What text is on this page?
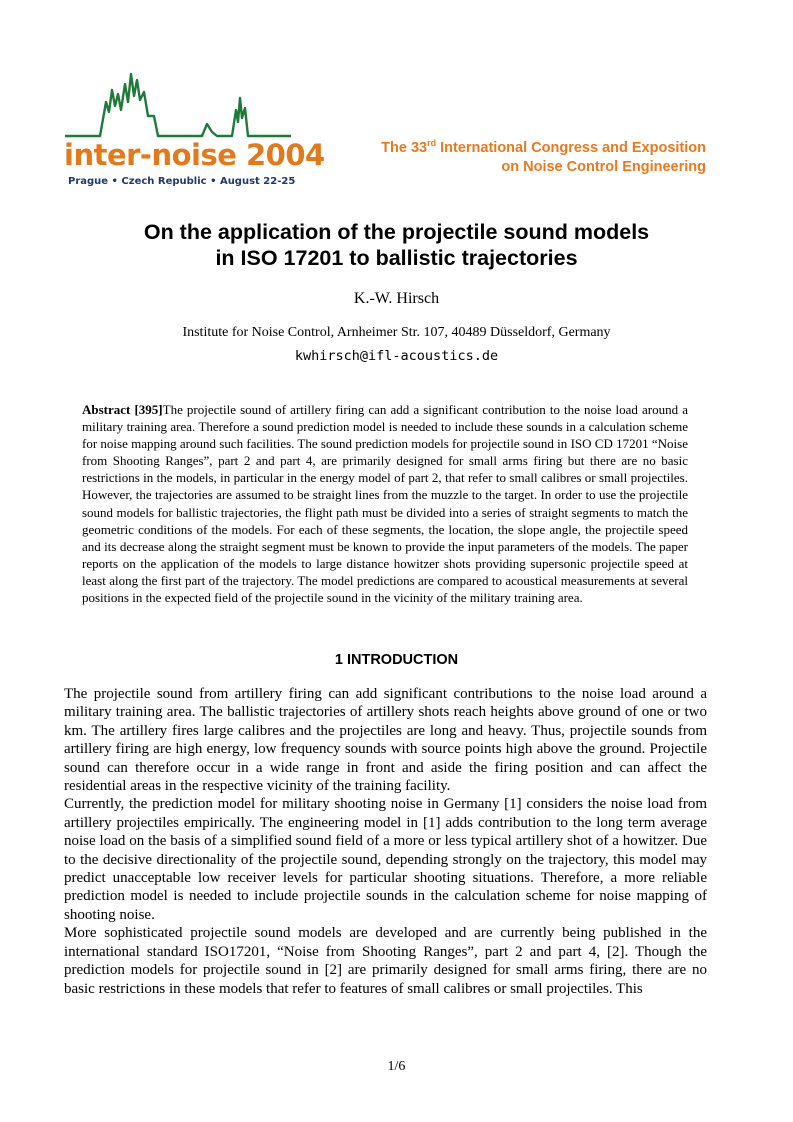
inter-noise 2004
Prague • Czech Republic • August 22-25
The 33rd International Congress and Exposition
on Noise Control Engineering
On the application of the projectile sound models
in ISO 17201 to ballistic trajectories
K.-W. Hirsch
Institute for Noise Control, Arnheimer Str. 107, 40489 Düsseldorf, Germany
kwhirsch@ifl-acoustics.de

Abstract [395]The projectile sound of artillery firing can add a significant contribution to the noise load around a military training area. Therefore a sound prediction model is needed to include these sounds in a calculation scheme for noise mapping around such facilities. The sound prediction models for projectile sound in ISO CD 17201 “Noise from Shooting Ranges”, part 2 and part 4, are primarily designed for small arms firing but there are no basic restrictions in the models, in particular in the energy model of part 2, that refer to small calibres or small projectiles. However, the trajectories are assumed to be straight lines from the muzzle to the target. In order to use the projectile sound models for ballistic trajectories, the flight path must be divided into a series of straight segments to match the geometric conditions of the models. For each of these segments, the location, the slope angle, the projectile speed and its decrease along the straight segment must be known to provide the input parameters of the models. The paper reports on the application of the models to large distance howitzer shots providing supersonic projectile speed at least along the first part of the trajectory. The model predictions are compared to acoustical measurements at several positions in the expected field of the projectile sound in the vicinity of the military training area.

1 INTRODUCTION

The projectile sound from artillery firing can add significant contributions to the noise load around a military training area. The ballistic trajectories of artillery shots reach heights above ground of one or two km. The artillery fires large calibres and the projectiles are long and heavy. Thus, projectile sounds from artillery firing are high energy, low frequency sounds with source points high above the ground. Projectile sound can therefore occur in a wide range in front and aside the firing position and can affect the residential areas in the respective vicinity of the training facility.

Currently, the prediction model for military shooting noise in Germany [1] considers the noise load from artillery projectiles empirically. The engineering model in [1] adds contribution to the long term average noise load on the basis of a simplified sound field of a more or less typical artillery shot of a howitzer. Due to the decisive directionality of the projectile sound, depending strongly on the trajectory, this model may predict unacceptable low receiver levels for particular shooting situations. Therefore, a more reliable prediction model is needed to include projectile sounds in the calculation scheme for noise mapping of shooting noise.

More sophisticated projectile sound models are developed and are currently being published in the international standard ISO17201, “Noise from Shooting Ranges”, part 2 and part 4, [2]. Though the prediction models for projectile sound in [2] are primarily designed for small arms firing, there are no basic restrictions in these models that refer to features of small calibres or small projectiles. This

1/6
